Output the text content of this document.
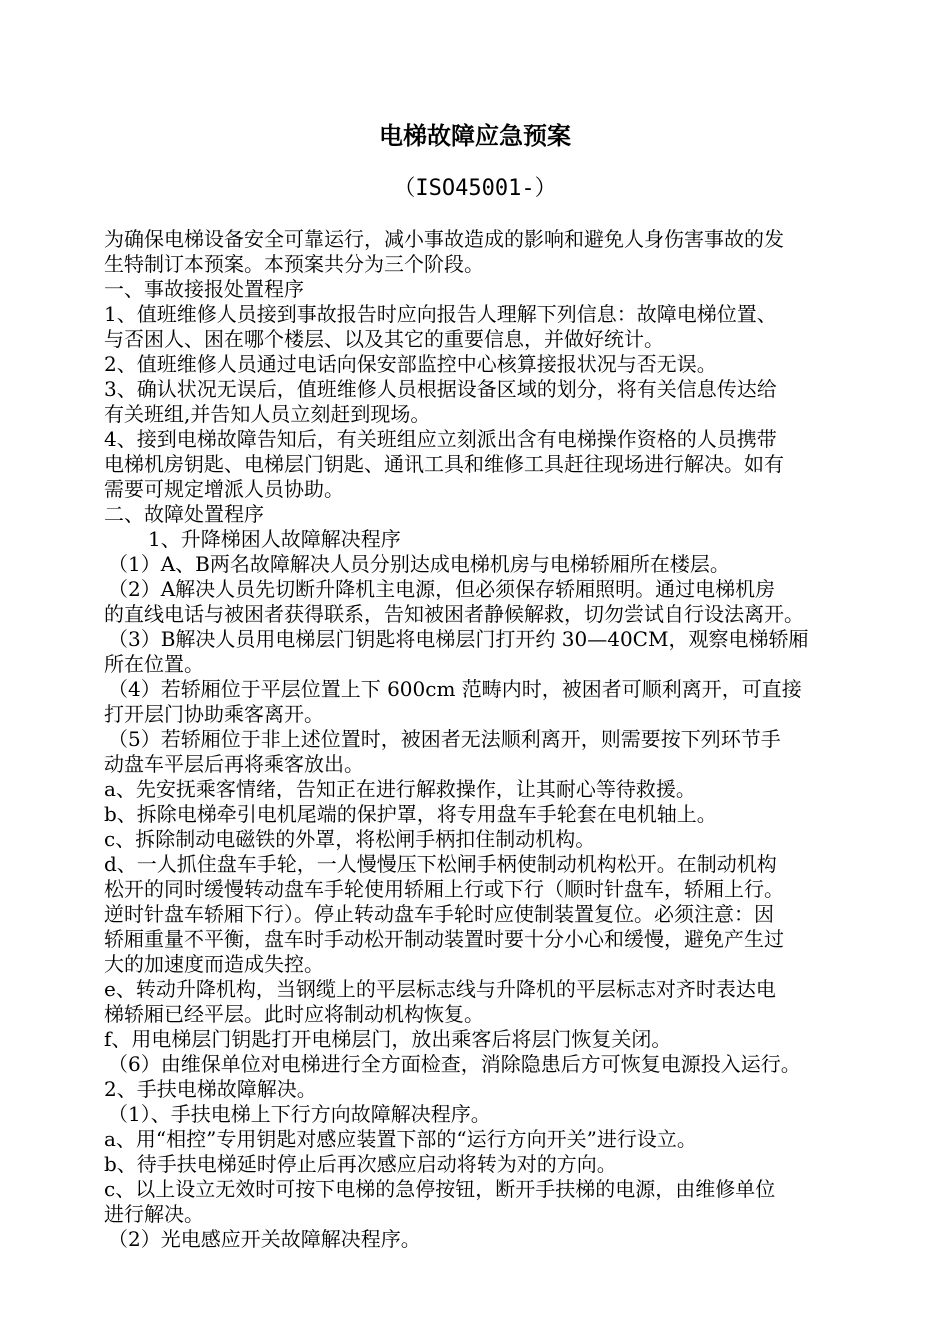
电梯故障应急预案
（ISO45001-）

为确保电梯设备安全可靠运行，减小事故造成的影响和避免人身伤害事故的发

生特制订本预案。本预案共分为三个阶段。

一、事故接报处置程序

1、值班维修人员接到事故报告时应向报告人理解下列信息：故障电梯位置、

与否困人、困在哪个楼层、以及其它的重要信息，并做好统计。

2、值班维修人员通过电话向保安部监控中心核算接报状况与否无误。

3、确认状况无误后，值班维修人员根据设备区域的划分，将有关信息传达给

有关班组,并告知人员立刻赶到现场。

4、接到电梯故障告知后，有关班组应立刻派出含有电梯操作资格的人员携带

电梯机房钥匙、电梯层门钥匙、通讯工具和维修工具赶往现场进行解决。如有

需要可规定增派人员协助。

二、故障处置程序

1、升降梯困人故障解决程序

（1）A、B两名故障解决人员分别达成电梯机房与电梯轿厢所在楼层。

（2）A解决人员先切断升降机主电源，但必须保存轿厢照明。通过电梯机房

的直线电话与被困者获得联系，告知被困者静候解救，切勿尝试自行设法离开。

（3）B解决人员用电梯层门钥匙将电梯层门打开约 30—40CM，观察电梯轿厢

所在位置。

（4）若轿厢位于平层位置上下 600cm 范畴内时，被困者可顺利离开，可直接

打开层门协助乘客离开。

（5）若轿厢位于非上述位置时，被困者无法顺利离开，则需要按下列环节手

动盘车平层后再将乘客放出。

a、先安抚乘客情绪，告知正在进行解救操作，让其耐心等待救援。

b、拆除电梯牵引电机尾端的保护罩，将专用盘车手轮套在电机轴上。

c、拆除制动电磁铁的外罩，将松闸手柄扣住制动机构。

d、一人抓住盘车手轮，一人慢慢压下松闸手柄使制动机构松开。在制动机构

松开的同时缓慢转动盘车手轮使用轿厢上行或下行（顺时针盘车，轿厢上行。

逆时针盘车轿厢下行）。停止转动盘车手轮时应使制装置复位。必须注意：因

轿厢重量不平衡，盘车时手动松开制动装置时要十分小心和缓慢，避免产生过

大的加速度而造成失控。

e、转动升降机构，当钢缆上的平层标志线与升降机的平层标志对齐时表达电

梯轿厢已经平层。此时应将制动机构恢复。

f、用电梯层门钥匙打开电梯层门，放出乘客后将层门恢复关闭。

（6）由维保单位对电梯进行全方面检查，消除隐患后方可恢复电源投入运行。

2、手扶电梯故障解决。

（1）、手扶电梯上下行方向故障解决程序。

a、用“相控”专用钥匙对感应装置下部的“运行方向开关”进行设立。

b、待手扶电梯延时停止后再次感应启动将转为对的方向。

c、以上设立无效时可按下电梯的急停按钮，断开手扶梯的电源，由维修单位

进行解决。

（2）光电感应开关故障解决程序。
